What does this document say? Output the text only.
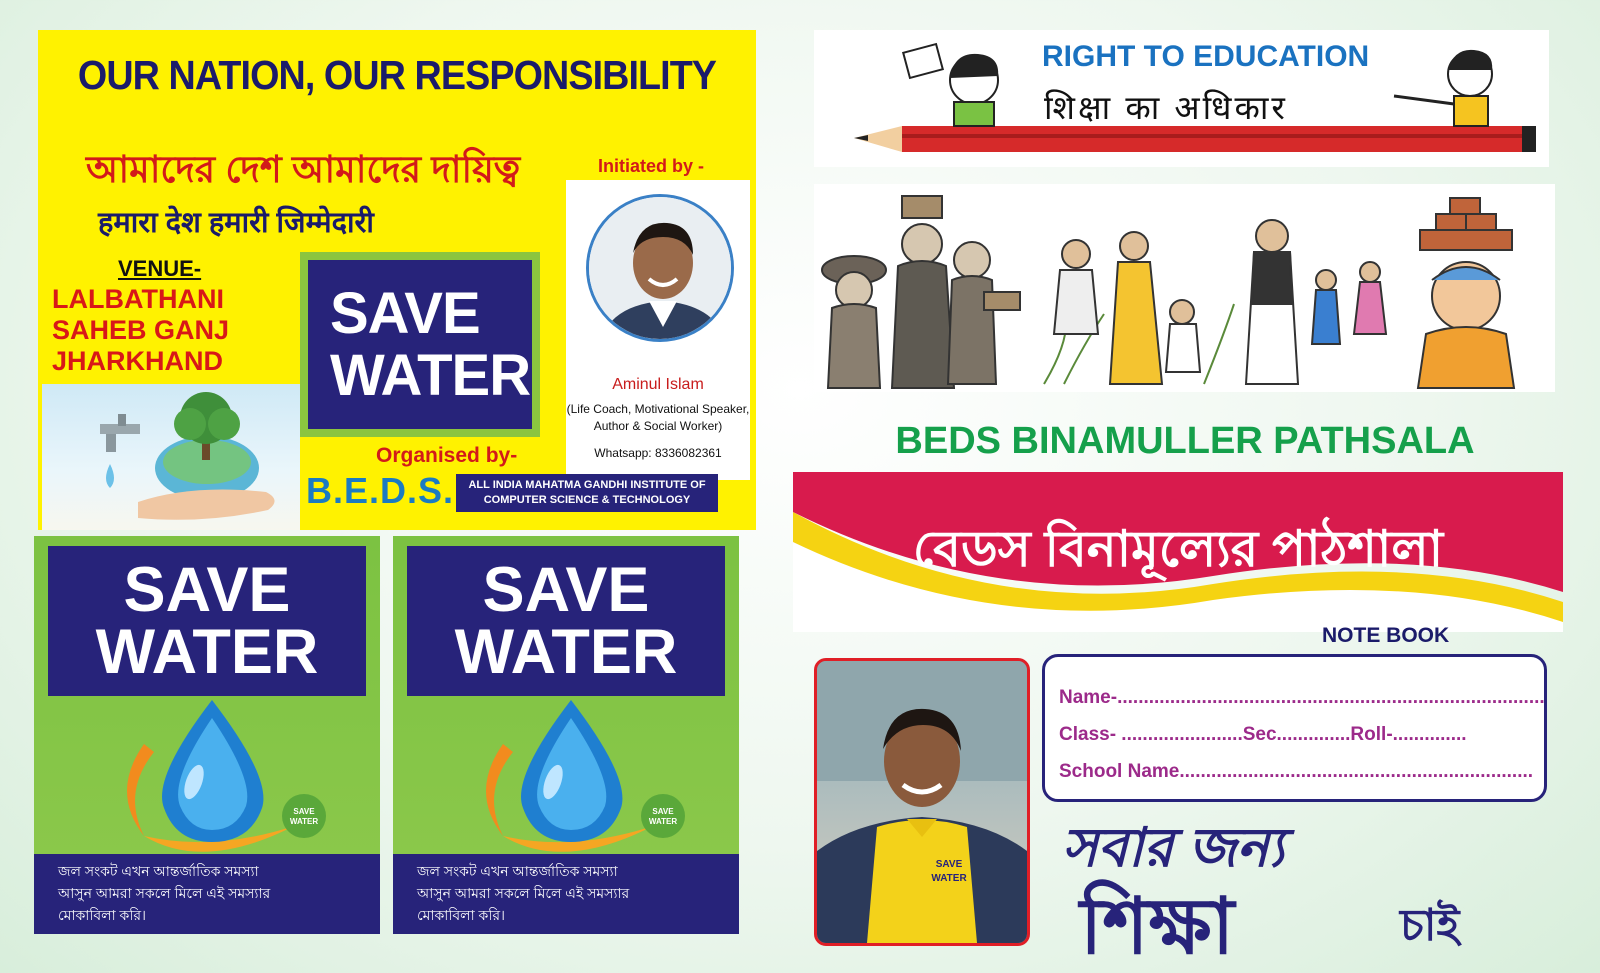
OUR NATION, OUR RESPONSIBILITY
আমাদের দেশ আমাদের দায়িত্ব
हमारा देश हमारी जिम्मेदारी
VENUE-
LALBATHANI
SAHEB GANJ
JHARKHAND
SAVE
WATER
Initiated by -
Aminul Islam
(Life Coach, Motivational Speaker, Author & Social Worker)
Whatsapp: 8336082361
Organised by-
B.E.D.S.	ALL INDIA MAHATMA GANDHI INSTITUTE OF COMPUTER SCIENCE & TECHNOLOGY
SAVE
WATER
SAVE
WATER
জল সংকট এখন আন্তর্জাতিক সমস্যা
আসুন আমরা সকলে মিলে এই সমস্যার
মোকাবিলা করি।
SAVE
WATER
SAVE
WATER
জল সংকট এখন আন্তর্জাতিক সমস্যা
আসুন আমরা সকলে মিলে এই সমস্যার
মোকাবিলা করি।
RIGHT TO EDUCATION
शिक्षा का अधिकार
BEDS BINAMULLER PATHSALA
বেডস বিনামূল্যের পাঠশালা
NOTE BOOK
SAVE
WATER
Name-.................................................................................
Class- .......................Sec..............Roll-..............
School Name...................................................................
সবার জন্য
শিক্ষা	চাই
